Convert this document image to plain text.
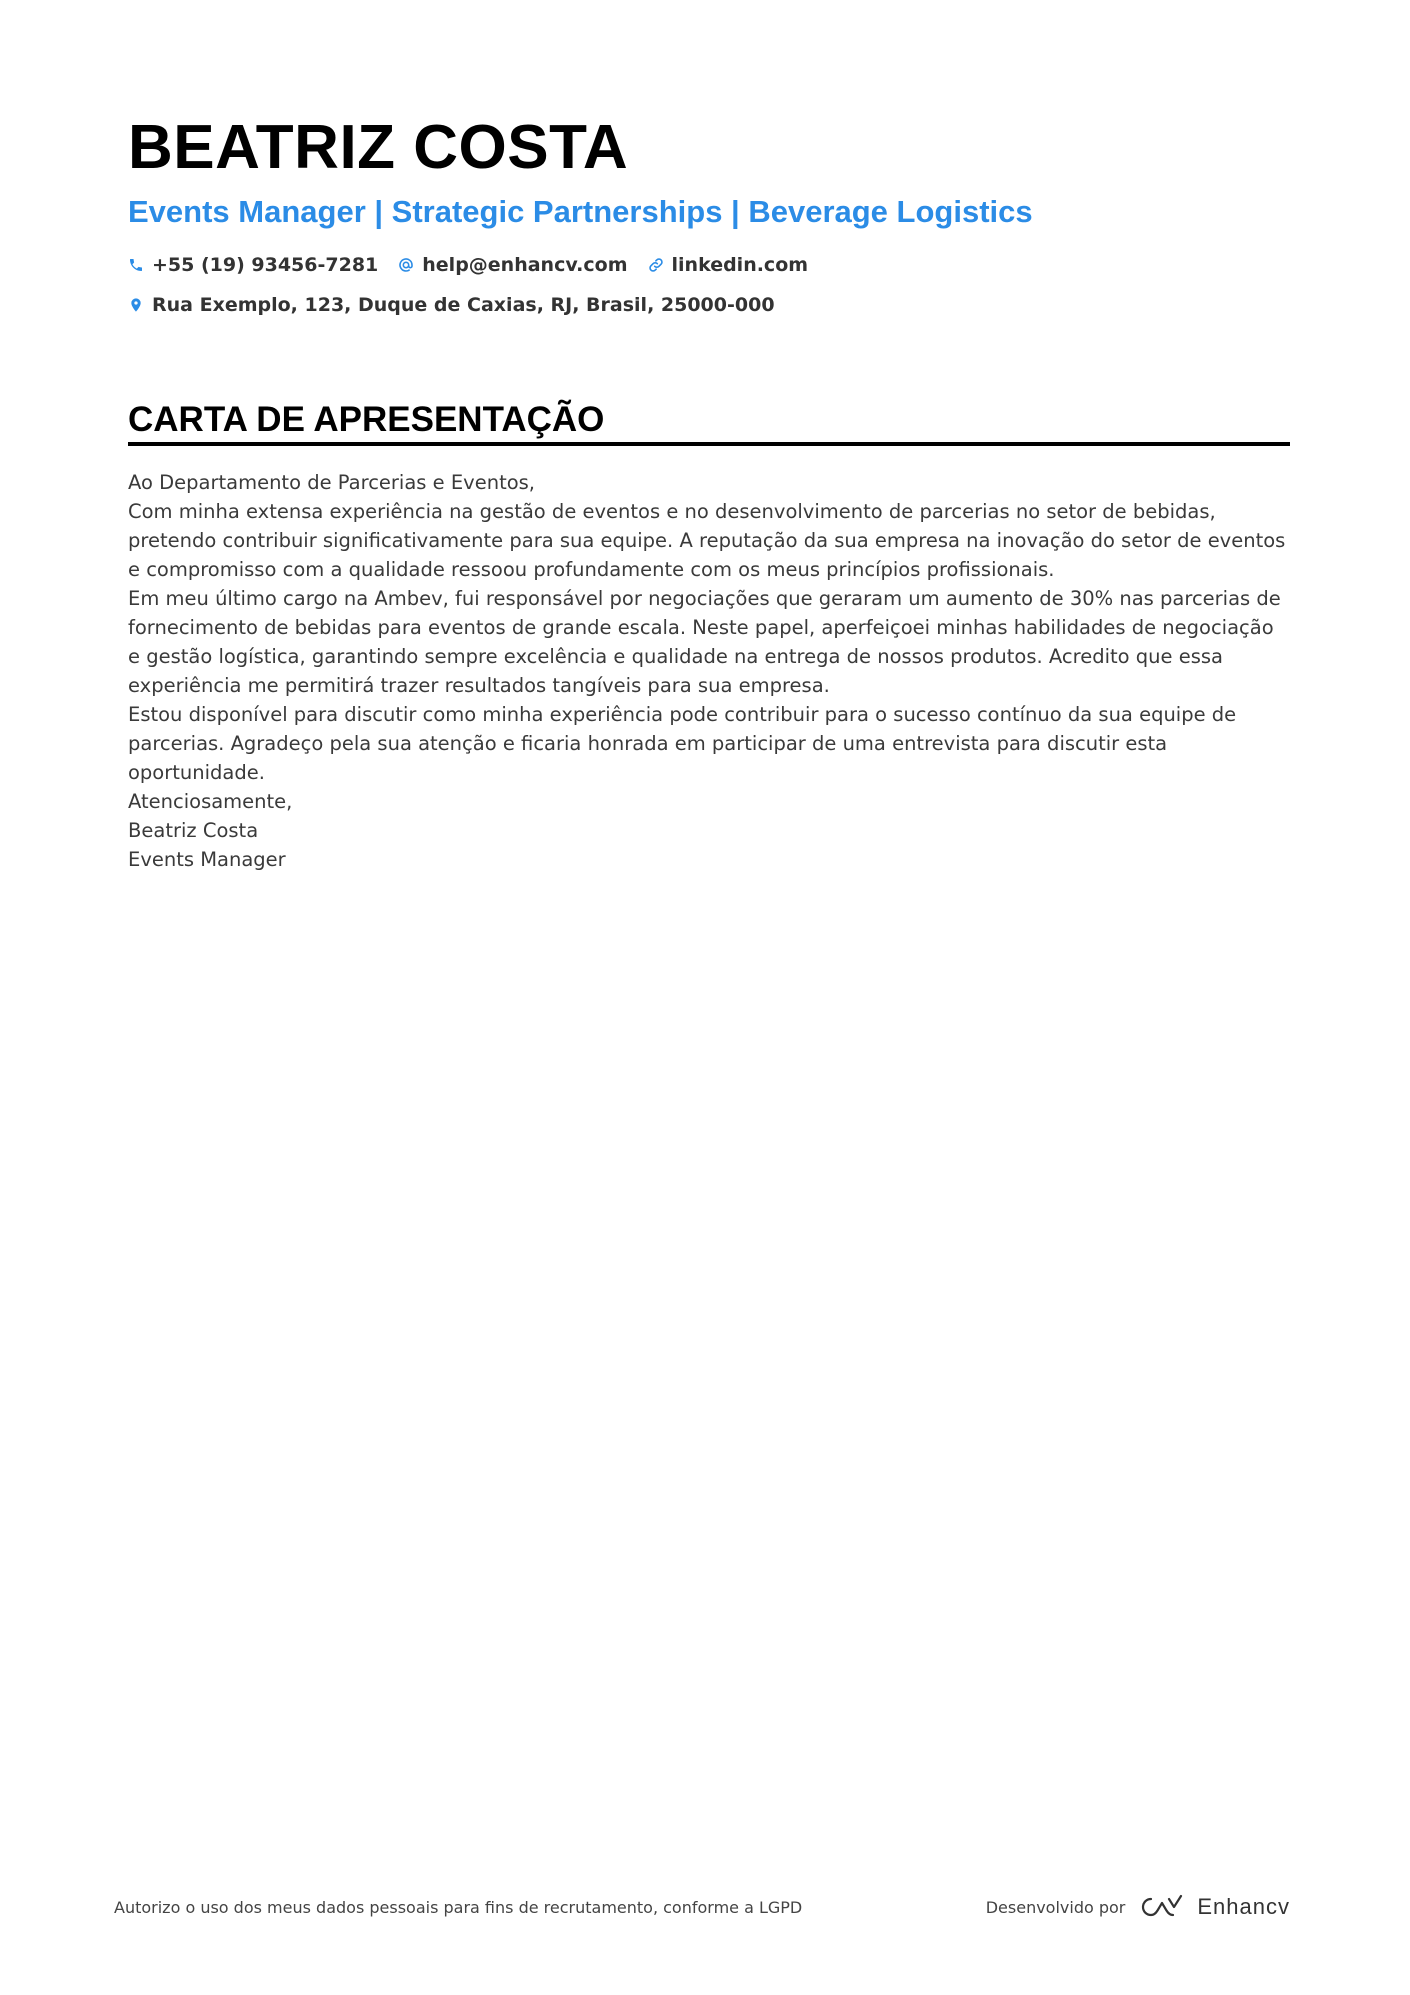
BEATRIZ COSTA
Events Manager | Strategic Partnerships | Beverage Logistics
+55 (19) 93456-7281 help@enhancv.com linkedin.com
Rua Exemplo, 123, Duque de Caxias, RJ, Brasil, 25000-000
CARTA DE APRESENTAÇÃO

Ao Departamento de Parcerias e Eventos,

Com minha extensa experiência na gestão de eventos e no desenvolvimento de parcerias no setor de bebidas, pretendo contribuir significativamente para sua equipe. A reputação da sua empresa na inovação do setor de eventos e compromisso com a qualidade ressoou profundamente com os meus princípios profissionais.

Em meu último cargo na Ambev, fui responsável por negociações que geraram um aumento de 30% nas parcerias de fornecimento de bebidas para eventos de grande escala. Neste papel, aperfeiçoei minhas habilidades de negociação e gestão logística, garantindo sempre excelência e qualidade na entrega de nossos produtos. Acredito que essa experiência me permitirá trazer resultados tangíveis para sua empresa.

Estou disponível para discutir como minha experiência pode contribuir para o sucesso contínuo da sua equipe de parcerias. Agradeço pela sua atenção e ficaria honrada em participar de uma entrevista para discutir esta oportunidade.

Atenciosamente,

Beatriz Costa

Events Manager

Autorizo o uso dos meus dados pessoais para fins de recrutamento, conforme a LGPD	Desenvolvido por	Enhancv
